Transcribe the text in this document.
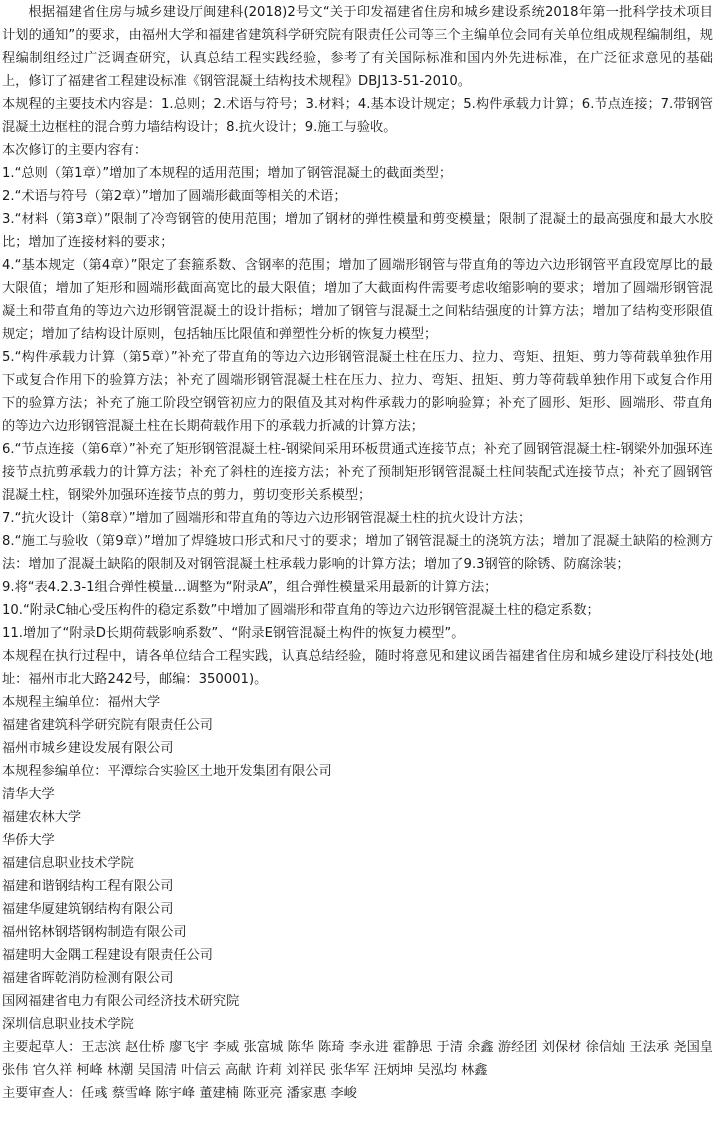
根据福建省住房与城乡建设厅闽建科(2018)2号文“关于印发福建省住房和城乡建设系统2018年第一批科学技术项目计划的通知”的要求，由福州大学和福建省建筑科学研究院有限责任公司等三个主编单位会同有关单位组成规程编制组，规程编制组经过广泛调查研究，认真总结工程实践经验，参考了有关国际标准和国内外先进标准，在广泛征求意见的基础上，修订了福建省工程建设标准《钢管混凝土结构技术规程》DBJ13-51-2010。

本规程的主要技术内容是：1.总则；2.术语与符号；3.材料；4.基本设计规定；5.构件承载力计算；6.节点连接；7.带钢管混凝土边框柱的混合剪力墙结构设计；8.抗火设计；9.施工与验收。

本次修订的主要内容有：

1.“总则（第1章）”增加了本规程的适用范围；增加了钢管混凝土的截面类型；

2.“术语与符号（第2章）”增加了圆端形截面等相关的术语；

3.“材料（第3章）”限制了冷弯钢管的使用范围；增加了钢材的弹性模量和剪变模量；限制了混凝土的最高强度和最大水胶比；增加了连接材料的要求；

4.“基本规定（第4章）”限定了套箍系数、含钢率的范围；增加了圆端形钢管与带直角的等边六边形钢管平直段宽厚比的最大限值；增加了矩形和圆端形截面高宽比的最大限值；增加了大截面构件需要考虑收缩影响的要求；增加了圆端形钢管混凝土和带直角的等边六边形钢管混凝土的设计指标；增加了钢管与混凝土之间粘结强度的计算方法；增加了结构变形限值规定；增加了结构设计原则，包括轴压比限值和弹塑性分析的恢复力模型；

5.“构件承载力计算（第5章）”补充了带直角的等边六边形钢管混凝土柱在压力、拉力、弯矩、扭矩、剪力等荷载单独作用下或复合作用下的验算方法；补充了圆端形钢管混凝土柱在压力、拉力、弯矩、扭矩、剪力等荷载单独作用下或复合作用下的验算方法；补充了施工阶段空钢管初应力的限值及其对构件承载力的影响验算；补充了圆形、矩形、圆端形、带直角的等边六边形钢管混凝土柱在长期荷载作用下的承载力折减的计算方法；

6.“节点连接（第6章）”补充了矩形钢管混凝土柱-钢梁间采用环板贯通式连接节点；补充了圆钢管混凝土柱-钢梁外加强环连接节点抗剪承载力的计算方法；补充了斜柱的连接方法；补充了预制矩形钢管混凝土柱间装配式连接节点；补充了圆钢管混凝土柱，钢梁外加强环连接节点的剪力，剪切变形关系模型；

7.“抗火设计（第8章）”增加了圆端形和带直角的等边六边形钢管混凝土柱的抗火设计方法；

8.“施工与验收（第9章）”增加了焊缝坡口形式和尺寸的要求；增加了钢管混凝土的浇筑方法；增加了混凝土缺陷的检测方法：增加了混凝土缺陷的限制及对钢管混凝土柱承载力影响的计算方法；增加了9.3钢管的除锈、防腐涂装；

9.将“表4.2.3-1组合弹性模量...调整为“附录A”，组合弹性模量采用最新的计算方法；

10.“附录C轴心受压构件的稳定系数”中增加了圆端形和带直角的等边六边形钢管混凝土柱的稳定系数；

11.增加了“附录D长期荷载影响系数”、“附录E钢管混凝土构件的恢复力模型”。

本规程在执行过程中，请各单位结合工程实践，认真总结经验，随时将意见和建议函告福建省住房和城乡建设厅科技处(地址：福州市北大路242号，邮编：350001)。

本规程主编单位：福州大学

福建省建筑科学研究院有限责任公司

福州市城乡建设发展有限公司

本规程参编单位：平潭综合实验区土地开发集团有限公司

清华大学

福建农林大学

华侨大学

福建信息职业技术学院

福建和谐钢结构工程有限公司

福建华厦建筑钢结构有限公司

福州铭林钢塔钢构制造有限公司

福建明大金隅工程建设有限责任公司

福建省晖乾消防检测有限公司

国网福建省电力有限公司经济技术研究院

深圳信息职业技术学院

主要起草人：王志滨 赵仕桥 廖飞宇 李威 张富城 陈华 陈琦 李永进 霍静思 于清 余鑫 游经团 刘保材 徐信灿 王法承 尧国皇 张伟 官久祥 柯峰 林潮 吴国清 叶信云 高献 许莉 刘祥民 张华军 汪炳坤 吴泓均 林鑫

主要审查人：任彧 蔡雪峰 陈宇峰 董建楠 陈亚亮 潘家惠 李峻
